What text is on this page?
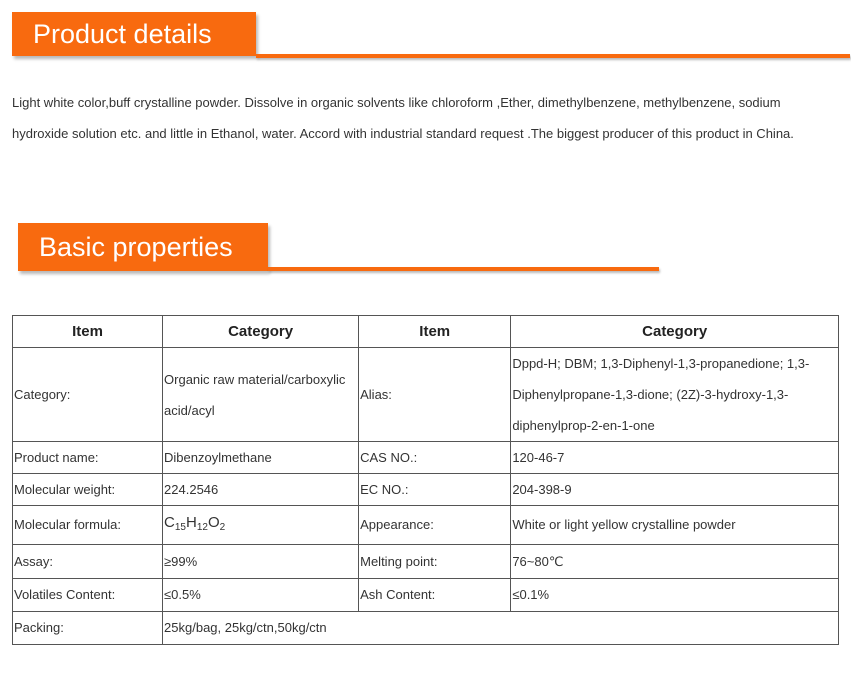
Product details

Light white color,buff crystalline powder. Dissolve in organic solvents like chloroform ,Ether, dimethylbenzene, methylbenzene, sodium hydroxide solution etc. and little in Ethanol, water. Accord with industrial standard request .The biggest producer of this product in China.

Basic properties
Item	Category	Item	Category
Category:	Organic raw material/carboxylic acid/acyl	Alias:	Dppd-H; DBM; 1,3-Diphenyl-1,3-propanedione; 1,3-Diphenylpropane-1,3-dione; (2Z)-3-hydroxy-1,3-diphenylprop-2-en-1-one
Product name:	Dibenzoylmethane	CAS NO.:	120-46-7
Molecular weight:	224.2546	EC NO.:	204-398-9
Molecular formula:	$C_{15}H_{12}O_2$	Appearance:	White or light yellow crystalline powder
Assay:	≥99%	Melting point:	76~80℃
Volatiles Content:	≤0.5%	Ash Content:	≤0.1%
Packing:	25kg/bag, 25kg/ctn,50kg/ctn		
